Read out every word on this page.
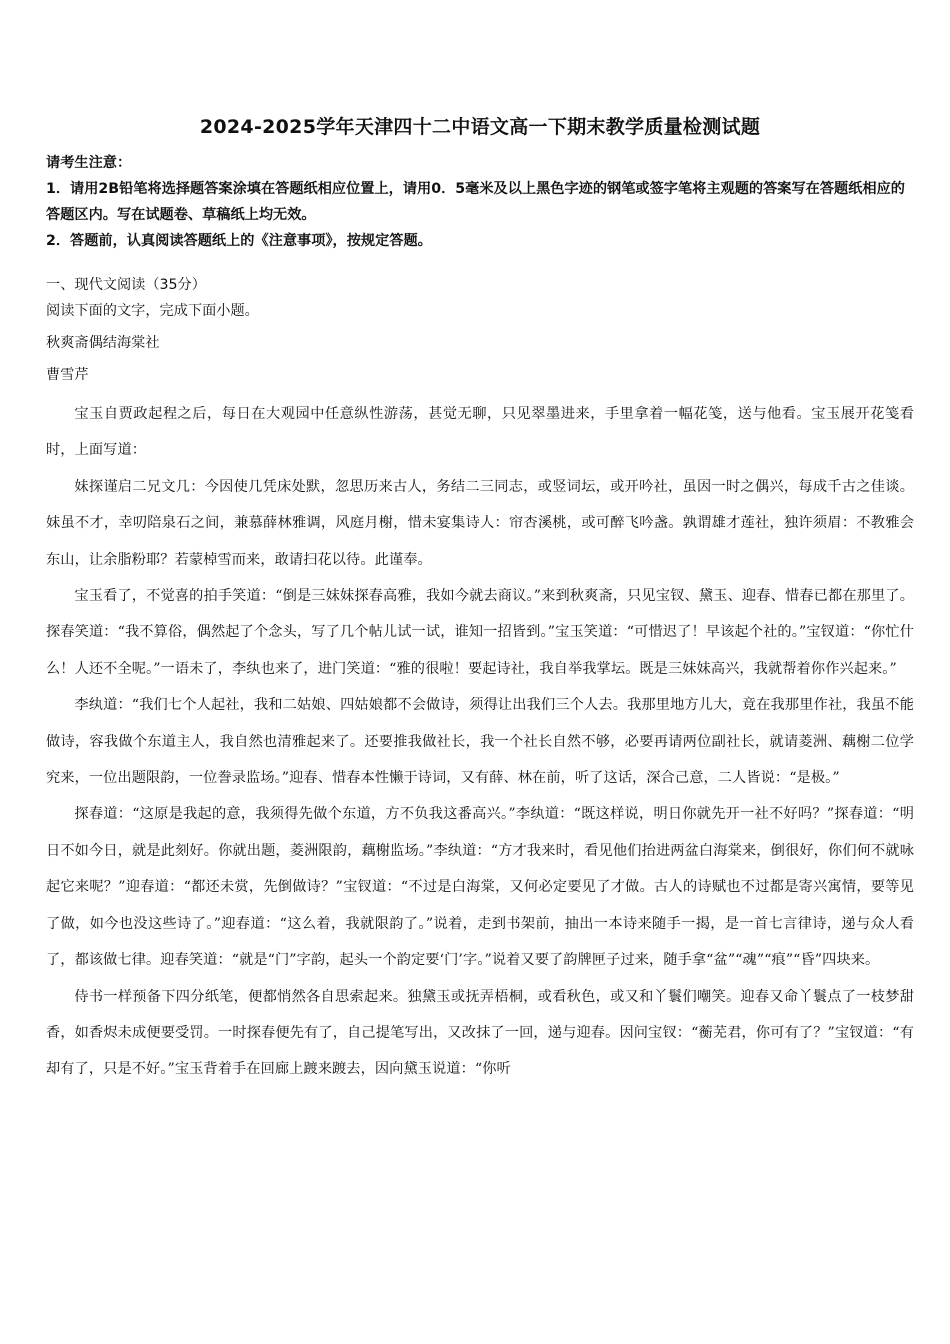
2024-2025学年天津四十二中语文高一下期末教学质量检测试题

请考生注意：

1．请用2B铅笔将选择题答案涂填在答题纸相应位置上，请用0．5毫米及以上黑色字迹的钢笔或签字笔将主观题的答案写在答题纸相应的答题区内。写在试题卷、草稿纸上均无效。

2．答题前，认真阅读答题纸上的《注意事项》，按规定答题。

一、现代文阅读（35分）

阅读下面的文字，完成下面小题。

秋爽斋偶结海棠社

曹雪芹

宝玉自贾政起程之后，每日在大观园中任意纵性游荡，甚觉无聊，只见翠墨进来，手里拿着一幅花笺，送与他看。宝玉展开花笺看时，上面写道：

妹探谨启二兄文几：今因使几凭床处默，忽思历来古人，务结二三同志，或竖词坛，或开吟社，虽因一时之偶兴，每成千古之佳谈。妹虽不才，幸叨陪泉石之间，兼慕薛林雅调，风庭月榭，惜未宴集诗人：帘杏溪桃，或可醉飞吟盏。孰谓雄才莲社，独许须眉：不教雅会东山，让余脂粉耶？若蒙棹雪而来，敢请扫花以待。此谨奉。

宝玉看了，不觉喜的拍手笑道：“倒是三妹妹探春高雅，我如今就去商议。”来到秋爽斋，只见宝钗、黛玉、迎春、惜春已都在那里了。探春笑道：“我不算俗，偶然起了个念头，写了几个帖儿试一试，谁知一招皆到。”宝玉笑道：“可惜迟了！早该起个社的。”宝钗道：“你忙什么！人还不全呢。”一语未了，李纨也来了，进门笑道：“雅的很啦！要起诗社，我自举我掌坛。既是三妹妹高兴，我就帮着你作兴起来。”

李纨道：“我们七个人起社，我和二姑娘、四姑娘都不会做诗，须得让出我们三个人去。我那里地方儿大，竟在我那里作社，我虽不能做诗，容我做个东道主人，我自然也清雅起来了。还要推我做社长，我一个社长自然不够，必要再请两位副社长，就请菱洲、藕榭二位学究来，一位出题限韵，一位誊录监场。”迎春、惜春本性懒于诗词，又有薛、林在前，听了这话，深合己意，二人皆说：“是极。”

探春道：“这原是我起的意，我须得先做个东道，方不负我这番高兴。”李纨道：“既这样说，明日你就先开一社不好吗？”探春道：“明日不如今日，就是此刻好。你就出题，菱洲限韵，藕榭监场。”李纨道：“方才我来时，看见他们抬进两盆白海棠来，倒很好，你们何不就咏起它来呢？”迎春道：“都还未赏，先倒做诗？”宝钗道：“不过是白海棠，又何必定要见了才做。古人的诗赋也不过都是寄兴寓情，要等见了做，如今也没这些诗了。”迎春道：“这么着，我就限韵了。”说着，走到书架前，抽出一本诗来随手一揭，是一首七言律诗，递与众人看了，都该做七律。迎春笑道：“就是“门”字韵，起头一个韵定要‘门’字。”说着又要了韵牌匣子过来，随手拿“盆”“魂”“痕”“昏”四块来。

侍书一样预备下四分纸笔，便都悄然各自思索起来。独黛玉或抚弄梧桐，或看秋色，或又和丫鬟们嘲笑。迎春又命丫鬟点了一枝梦甜香，如香烬未成便要受罚。一时探春便先有了，自己提笔写出，又改抹了一回，递与迎春。因问宝钗：“蘅芜君，你可有了？”宝钗道：“有却有了，只是不好。”宝玉背着手在回廊上踱来踱去，因向黛玉说道：“你听
